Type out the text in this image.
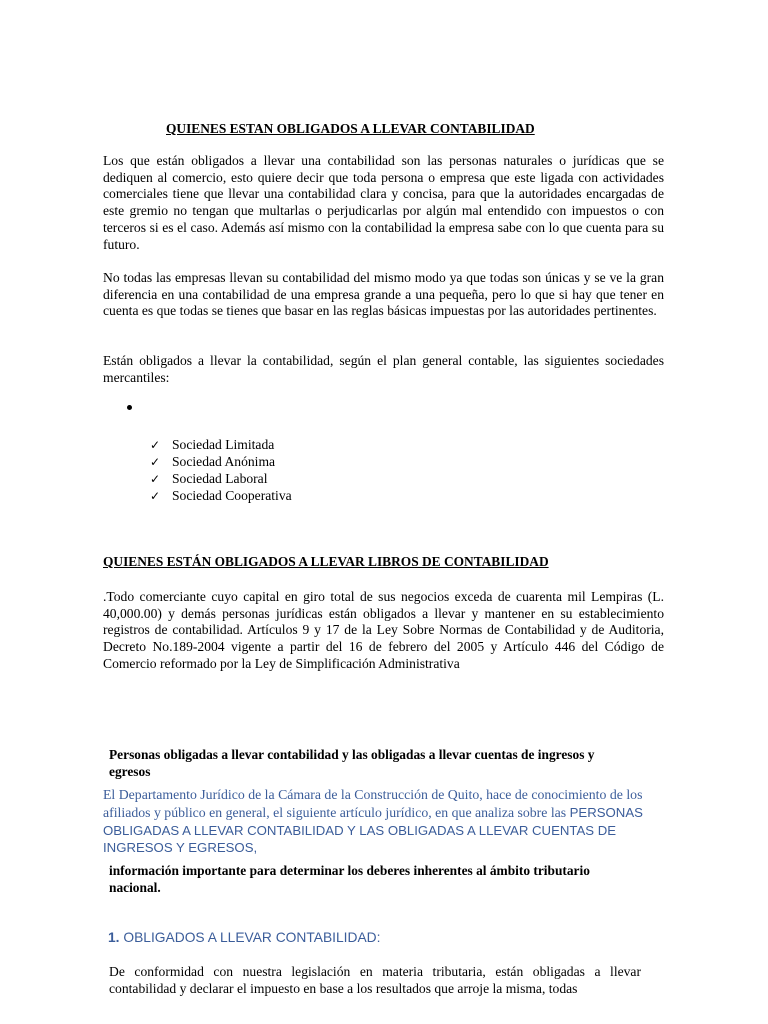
QUIENES ESTAN OBLIGADOS A LLEVAR CONTABILIDAD

Los que están obligados a llevar una contabilidad son las personas naturales o jurídicas que se dediquen al comercio, esto quiere decir que toda persona o empresa que este ligada con actividades comerciales tiene que llevar una contabilidad clara y concisa, para que la autoridades encargadas de este gremio no tengan que multarlas o perjudicarlas por algún mal entendido con impuestos o con terceros si es el caso. Además así mismo con la contabilidad la empresa sabe con lo que cuenta para su futuro.

No todas las empresas llevan su contabilidad del mismo modo ya que todas son únicas y se ve la gran diferencia en una contabilidad de una empresa grande a una pequeña, pero lo que si hay que tener en cuenta es que todas se tienes que basar en las reglas básicas impuestas por las autoridades pertinentes.

Están obligados a llevar la contabilidad, según el plan general contable, las siguientes sociedades mercantiles:

✓ Sociedad Limitada
✓ Sociedad Anónima
✓ Sociedad Laboral
✓ Sociedad Cooperativa

QUIENES ESTÁN OBLIGADOS A LLEVAR LIBROS DE CONTABILIDAD

.Todo comerciante cuyo capital en giro total de sus negocios exceda de cuarenta mil Lempiras (L. 40,000.00) y demás personas jurídicas están obligados a llevar y mantener en su establecimiento registros de contabilidad. Artículos 9 y 17 de la Ley Sobre Normas de Contabilidad y de Auditoria, Decreto No.189-2004 vigente a partir del 16 de febrero del 2005 y Artículo 446 del Código de Comercio reformado por la Ley de Simplificación Administrativa

Personas obligadas a llevar contabilidad y las obligadas a llevar cuentas de ingresos y egresos

El Departamento Jurídico de la Cámara de la Construcción de Quito, hace de conocimiento de los afiliados y público en general, el siguiente artículo jurídico, en que analiza sobre las PERSONAS OBLIGADAS A LLEVAR CONTABILIDAD Y LAS OBLIGADAS A LLEVAR CUENTAS DE INGRESOS Y EGRESOS,

información importante para determinar los deberes inherentes al ámbito tributario nacional.

1. OBLIGADOS A LLEVAR CONTABILIDAD:

De conformidad con nuestra legislación en materia tributaria, están obligadas a llevar contabilidad y declarar el impuesto en base a los resultados que arroje la misma, todas
